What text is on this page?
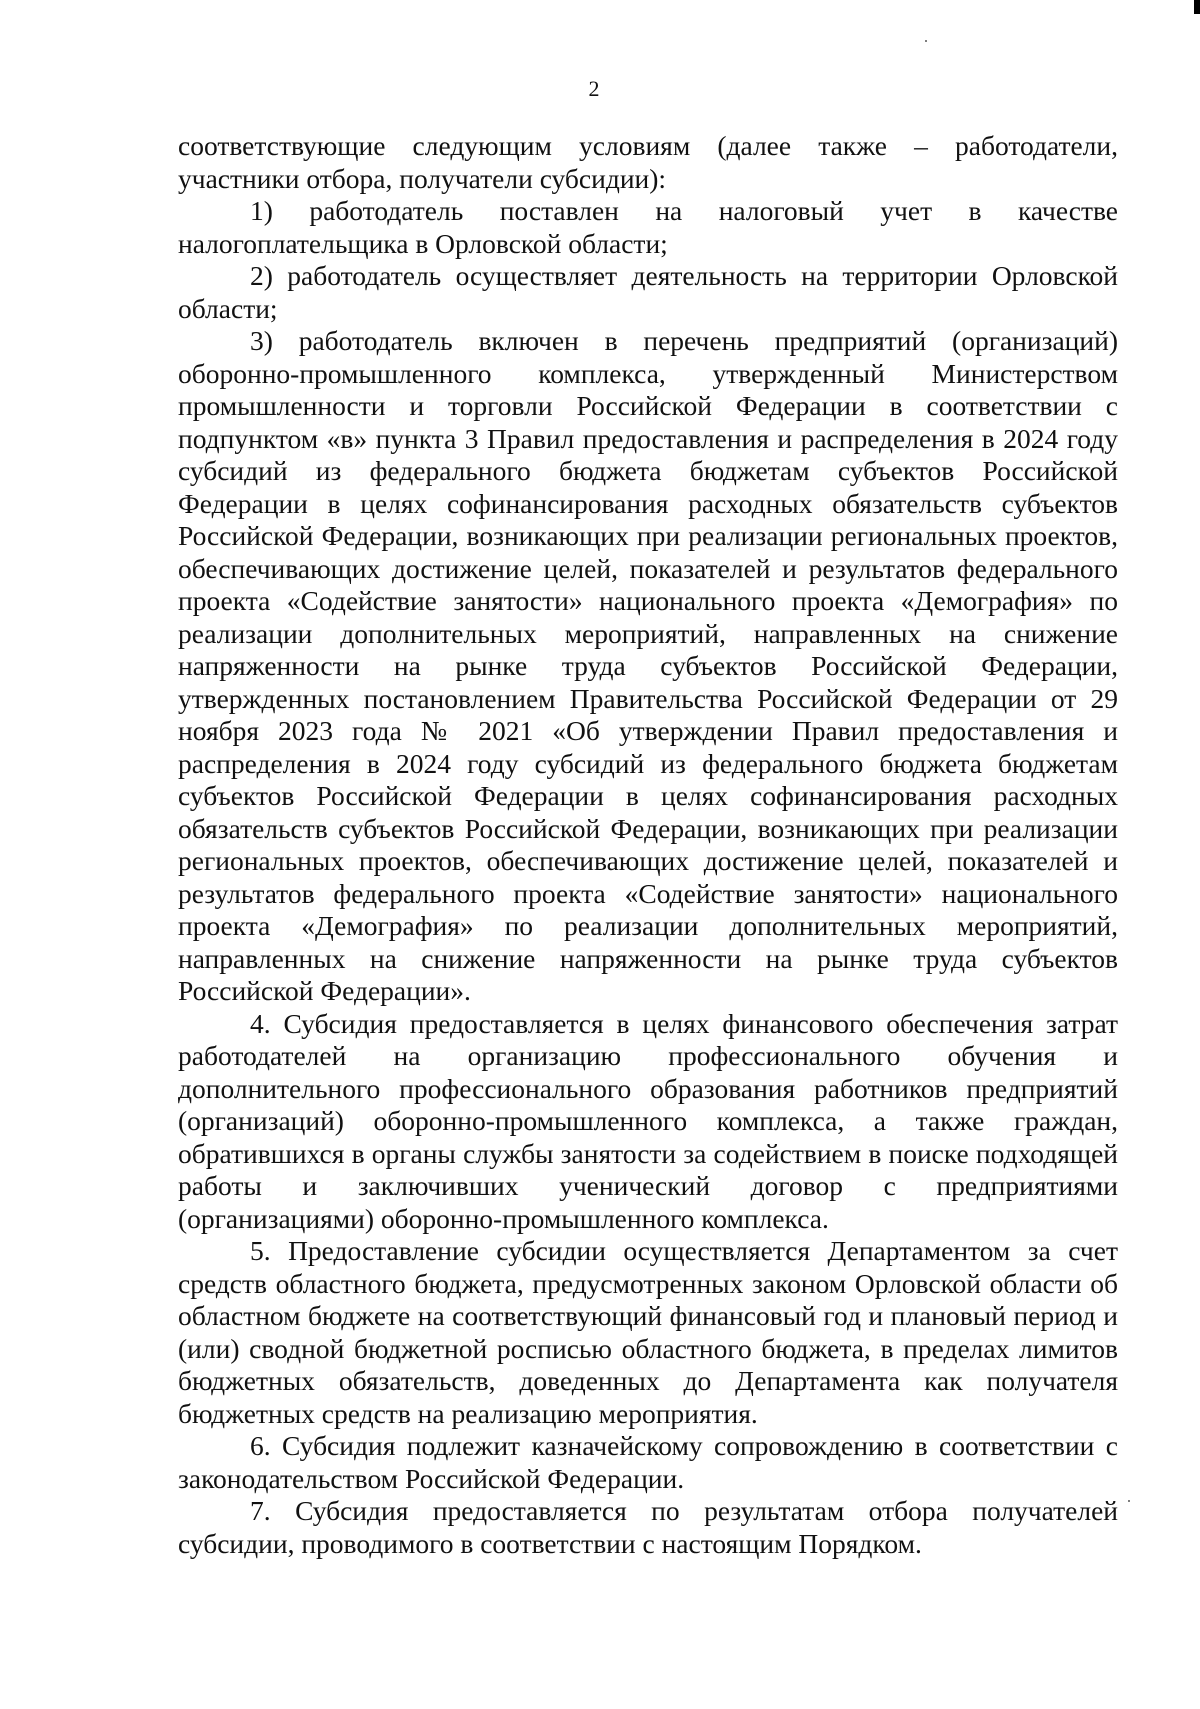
2

соответствующие следующим условиям (далее также – работодатели, участники отбора, получатели субсидии):

1) работодатель поставлен на налоговый учет в качестве налогоплательщика в Орловской области;

2) работодатель осуществляет деятельность на территории Орловской области;

3) работодатель включен в перечень предприятий (организаций) оборонно-промышленного комплекса, утвержденный Министерством промышленности и торговли Российской Федерации в соответствии с подпунктом «в» пункта 3 Правил предоставления и распределения в 2024 году субсидий из федерального бюджета бюджетам субъектов Российской Федерации в целях софинансирования расходных обязательств субъектов Российской Федерации, возникающих при реализации региональных проектов, обеспечивающих достижение целей, показателей и результатов федерального проекта «Содействие занятости» национального проекта «Демография» по реализации дополнительных мероприятий, направленных на снижение напряженности на рынке труда субъектов Российской Федерации, утвержденных постановлением Правительства Российской Федерации от 29 ноября 2023 года № 2021 «Об утверждении Правил предоставления и распределения в 2024 году субсидий из федерального бюджета бюджетам субъектов Российской Федерации в целях софинансирования расходных обязательств субъектов Российской Федерации, возникающих при реализации региональных проектов, обеспечивающих достижение целей, показателей и результатов федерального проекта «Содействие занятости» национального проекта «Демография» по реализации дополнительных мероприятий, направленных на снижение напряженности на рынке труда субъектов Российской Федерации».

4. Субсидия предоставляется в целях финансового обеспечения затрат работодателей на организацию профессионального обучения и дополнительного профессионального образования работников предприятий (организаций) оборонно-промышленного комплекса, а также граждан, обратившихся в органы службы занятости за содействием в поиске подходящей работы и заключивших ученический договор с предприятиями (организациями) оборонно-промышленного комплекса.

5. Предоставление субсидии осуществляется Департаментом за счет средств областного бюджета, предусмотренных законом Орловской области об областном бюджете на соответствующий финансовый год и плановый период и (или) сводной бюджетной росписью областного бюджета, в пределах лимитов бюджетных обязательств, доведенных до Департамента как получателя бюджетных средств на реализацию мероприятия.

6. Субсидия подлежит казначейскому сопровождению в соответствии с законодательством Российской Федерации.

7. Субсидия предоставляется по результатам отбора получателей субсидии, проводимого в соответствии с настоящим Порядком.
